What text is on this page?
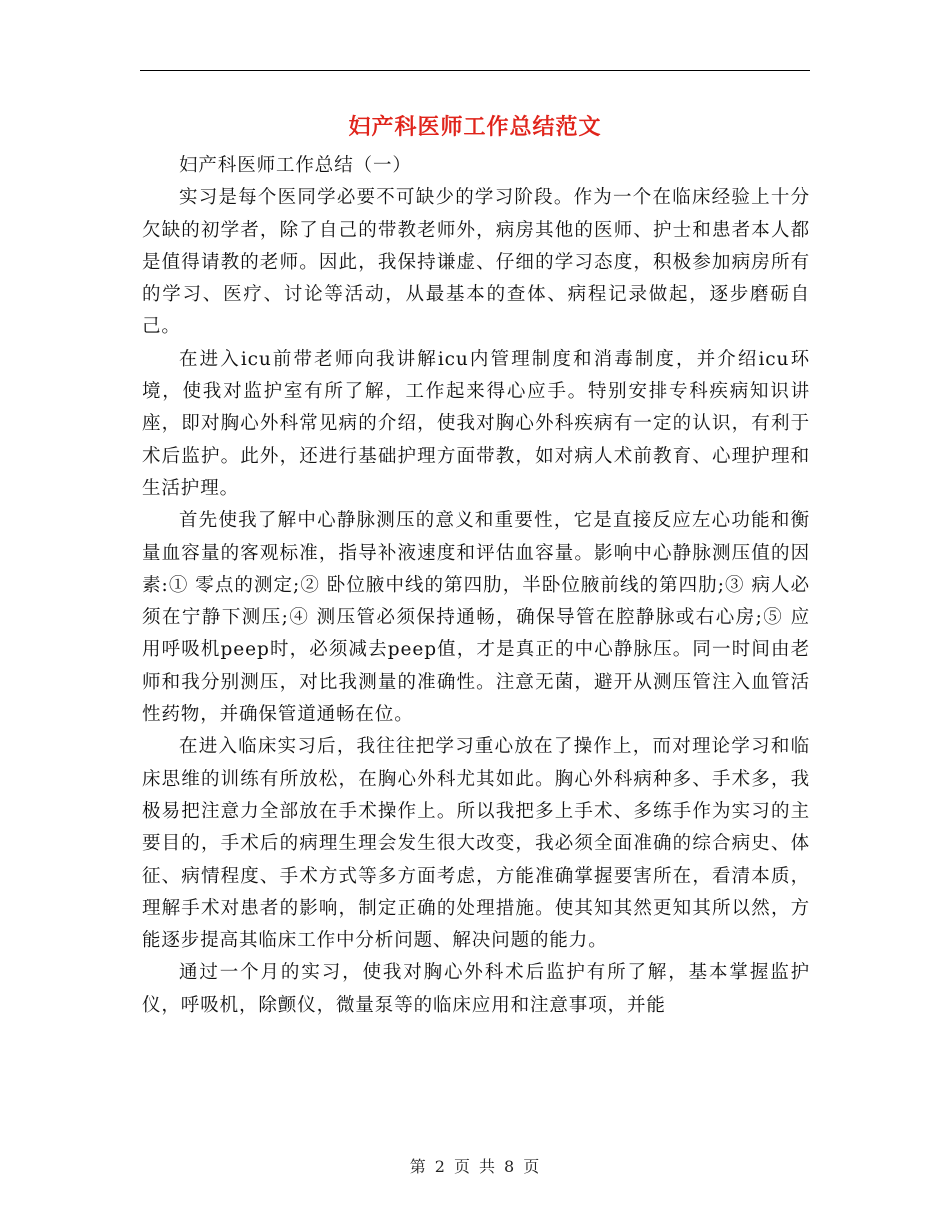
妇产科医师工作总结范文

妇产科医师工作总结（一）

实习是每个医同学必要不可缺少的学习阶段。作为一个在临床经验上十分欠缺的初学者，除了自己的带教老师外，病房其他的医师、护士和患者本人都是值得请教的老师。因此，我保持谦虚、仔细的学习态度，积极参加病房所有的学习、医疗、讨论等活动，从最基本的查体、病程记录做起，逐步磨砺自己。

在进入icu前带老师向我讲解icu内管理制度和消毒制度，并介绍icu环境，使我对监护室有所了解，工作起来得心应手。特别安排专科疾病知识讲座，即对胸心外科常见病的介绍，使我对胸心外科疾病有一定的认识，有利于术后监护。此外，还进行基础护理方面带教，如对病人术前教育、心理护理和生活护理。

首先使我了解中心静脉测压的意义和重要性，它是直接反应左心功能和衡量血容量的客观标准，指导补液速度和评估血容量。影响中心静脉测压值的因素:① 零点的测定;② 卧位腋中线的第四肋，半卧位腋前线的第四肋;③ 病人必须在宁静下测压;④ 测压管必须保持通畅，确保导管在腔静脉或右心房;⑤ 应用呼吸机peep时，必须减去peep值，才是真正的中心静脉压。同一时间由老师和我分别测压，对比我测量的准确性。注意无菌，避开从测压管注入血管活性药物，并确保管道通畅在位。

在进入临床实习后，我往往把学习重心放在了操作上，而对理论学习和临床思维的训练有所放松，在胸心外科尤其如此。胸心外科病种多、手术多，我极易把注意力全部放在手术操作上。所以我把多上手术、多练手作为实习的主要目的，手术后的病理生理会发生很大改变，我必须全面准确的综合病史、体征、病情程度、手术方式等多方面考虑，方能准确掌握要害所在，看清本质，理解手术对患者的影响，制定正确的处理措施。使其知其然更知其所以然，方能逐步提高其临床工作中分析问题、解决问题的能力。

通过一个月的实习，使我对胸心外科术后监护有所了解，基本掌握监护仪，呼吸机，除颤仪，微量泵等的临床应用和注意事项，并能

第 2 页 共 8 页
